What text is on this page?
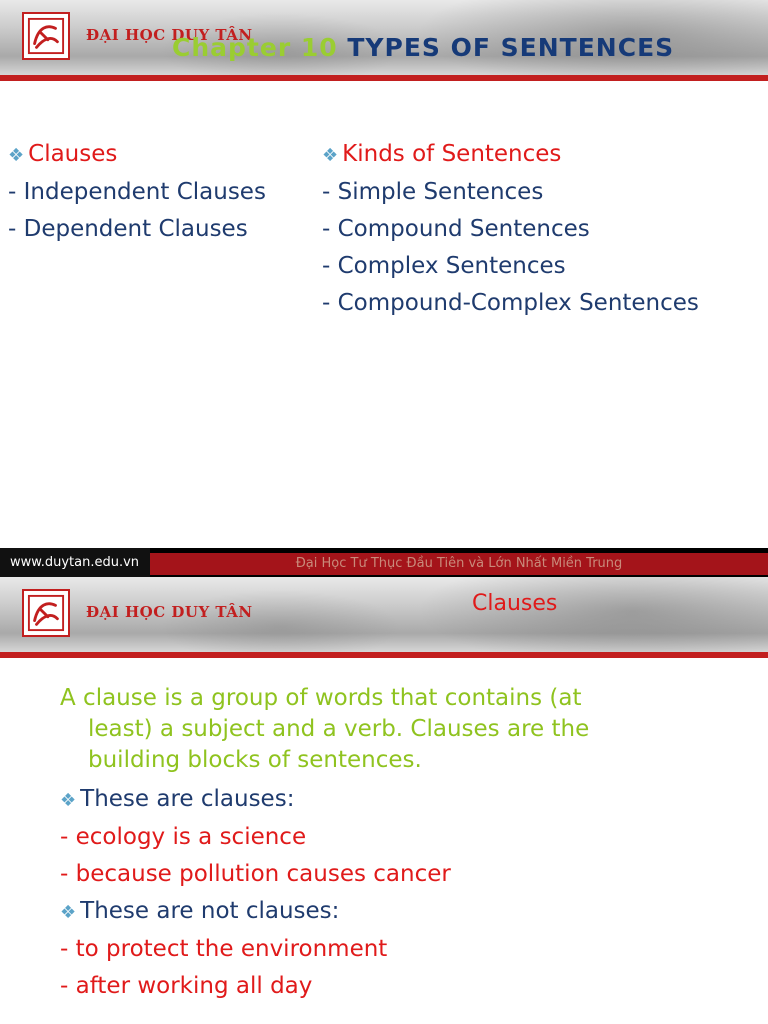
ĐẠI HỌC DUY TÂN
Chapter 10 TYPES OF SENTENCES
❖ Clauses
- Independent Clauses
- Dependent Clauses
❖ Kinds of Sentences
- Simple Sentences
- Compound Sentences
- Complex Sentences
- Compound-Complex Sentences
www.duytan.edu.vn	Đại Học Tư Thục Đầu Tiên và Lớn Nhất Miền Trung
ĐẠI HỌC DUY TÂN	Clauses
A clause is a group of words that contains (at
least) a subject and a verb. Clauses are the
building blocks of sentences.
❖ These are clauses:
- ecology is a science
- because pollution causes cancer
❖ These are not clauses:
- to protect the environment
- after working all day
